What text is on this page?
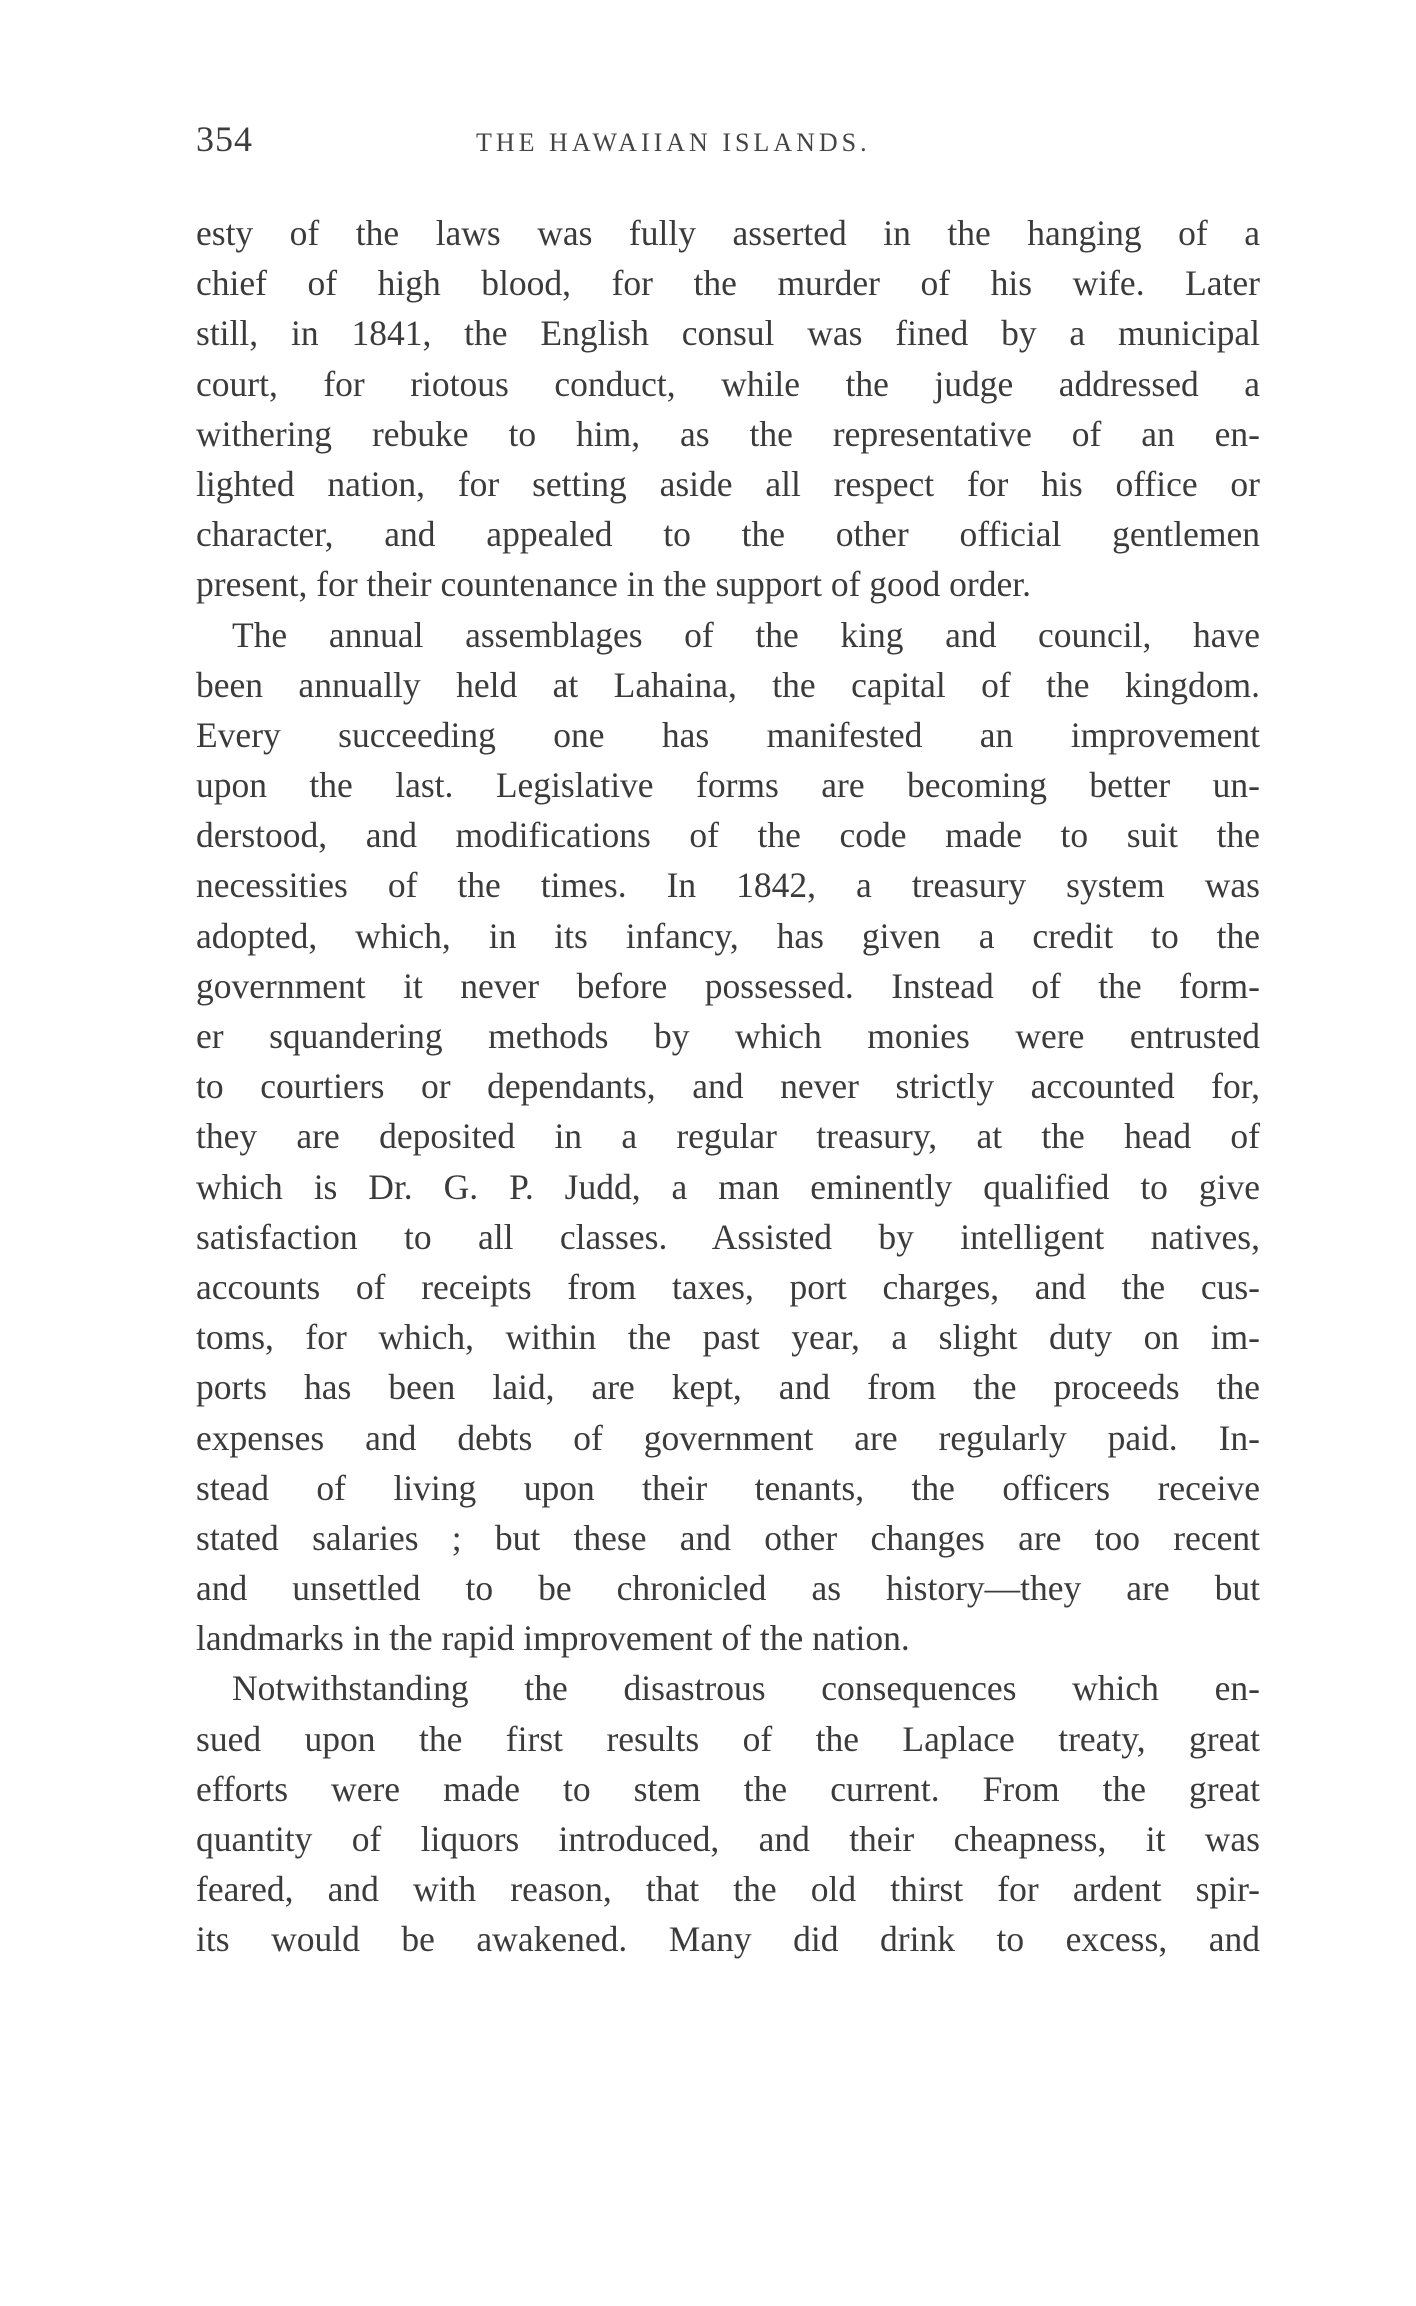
354	THE HAWAIIAN ISLANDS.
esty of the laws was fully asserted in the hanging of a
chief of high blood, for the murder of his wife. Later
still, in 1841, the English consul was fined by a municipal
court, for riotous conduct, while the judge addressed a
withering rebuke to him, as the representative of an en-
lighted nation, for setting aside all respect for his office or
character, and appealed to the other official gentlemen
present, for their countenance in the support of good order.
The annual assemblages of the king and council, have
been annually held at Lahaina, the capital of the kingdom.
Every succeeding one has manifested an improvement
upon the last. Legislative forms are becoming better un-
derstood, and modifications of the code made to suit the
necessities of the times. In 1842, a treasury system was
adopted, which, in its infancy, has given a credit to the
government it never before possessed. Instead of the form-
er squandering methods by which monies were entrusted
to courtiers or dependants, and never strictly accounted for,
they are deposited in a regular treasury, at the head of
which is Dr. G. P. Judd, a man eminently qualified to give
satisfaction to all classes. Assisted by intelligent natives,
accounts of receipts from taxes, port charges, and the cus-
toms, for which, within the past year, a slight duty on im-
ports has been laid, are kept, and from the proceeds the
expenses and debts of government are regularly paid. In-
stead of living upon their tenants, the officers receive
stated salaries ; but these and other changes are too recent
and unsettled to be chronicled as history—they are but
landmarks in the rapid improvement of the nation.
Notwithstanding the disastrous consequences which en-
sued upon the first results of the Laplace treaty, great
efforts were made to stem the current. From the great
quantity of liquors introduced, and their cheapness, it was
feared, and with reason, that the old thirst for ardent spir-
its would be awakened. Many did drink to excess, and
